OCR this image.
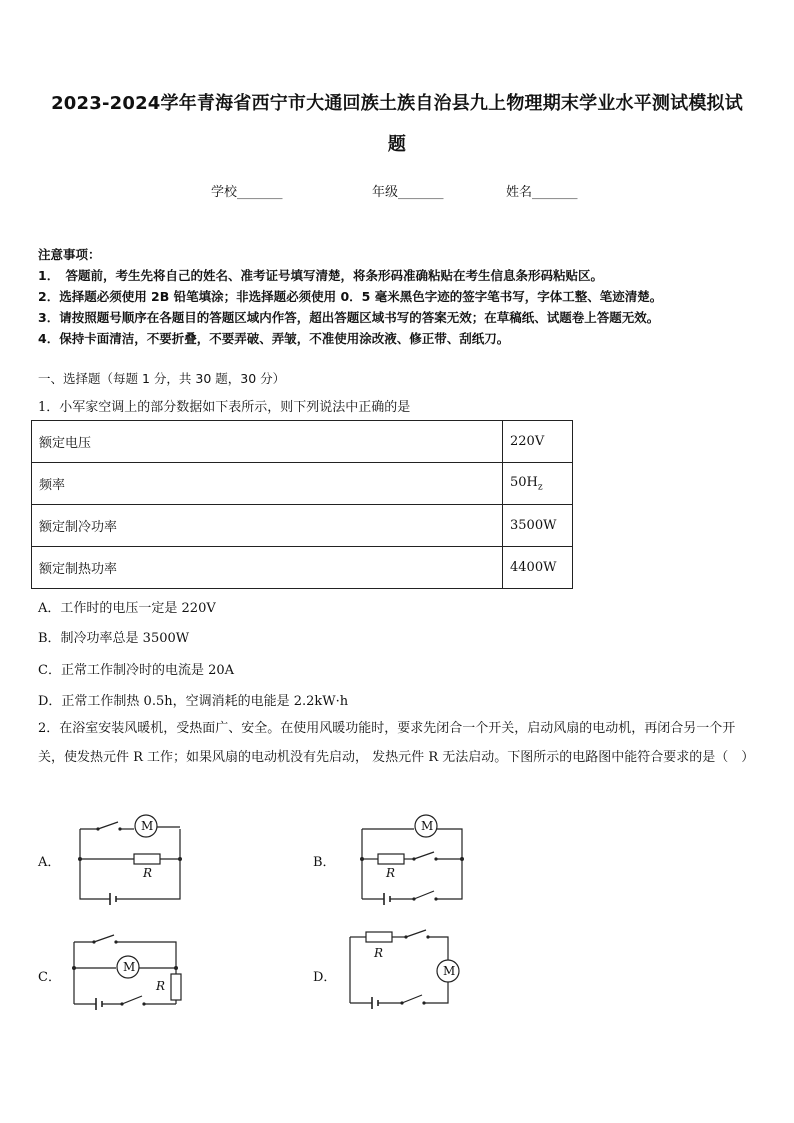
2023-2024学年青海省西宁市大通回族土族自治县九上物理期末学业水平测试模拟试
题
学校_______	年级_______	姓名_______
注意事项：
1．　答题前，考生先将自己的姓名、准考证号填写清楚，将条形码准确粘贴在考生信息条形码粘贴区。
2．选择题必须使用 2B 铅笔填涂；非选择题必须使用 0．5 毫米黑色字迹的签字笔书写，字体工整、笔迹清楚。
3．请按照题号顺序在各题目的答题区域内作答，超出答题区域书写的答案无效；在草稿纸、试题卷上答题无效。
4．保持卡面清洁，不要折叠，不要弄破、弄皱，不准使用涂改液、修正带、刮纸刀。
一、选择题（每题 1 分，共 30 题，30 分）
1．小军家空调上的部分数据如下表所示，则下列说法中正确的是
额定电压	220V
频率	$50H_z$
额定制冷功率	3500W
额定制热功率	4400W
A．工作时的电压一定是 220V
B．制冷功率总是 3500W
C．正常工作制冷时的电流是 20A
D．正常工作制热 0.5h，空调消耗的电能是 2.2kW·h
2．在浴室安装风暖机，受热面广、安全。在使用风暖功能时，要求先闭合一个开关，启动风扇的电动机，再闭合另一个开关，使发热元件 R 工作；如果风扇的电动机没有先启动， 发热元件 R 无法启动。下图所示的电路图中能符合要求的是（　）
A．	B．
C．	D．
M
R
M
R
M
R
M
R
